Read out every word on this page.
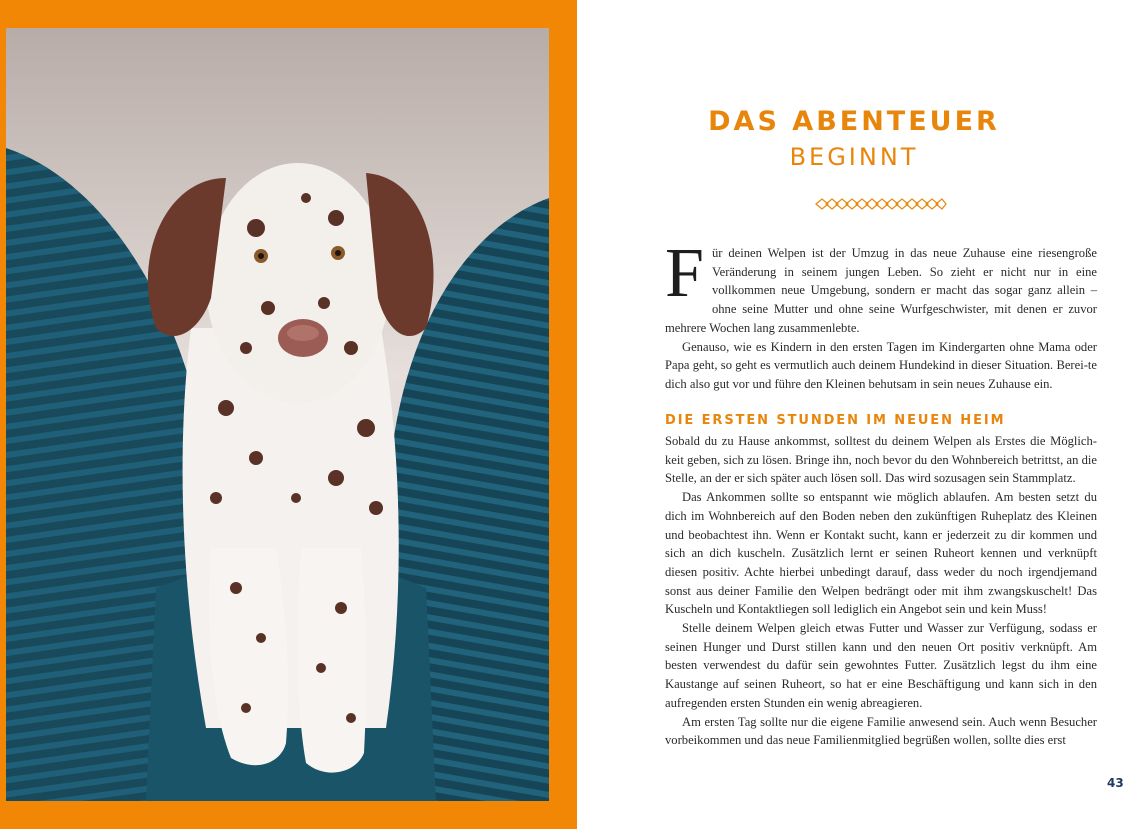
DAS ABENTEUER
BEGINNT

Für deinen Welpen ist der Umzug in das neue Zuhause eine riesengroße Veränderung in seinem jungen Leben. So zieht er nicht nur in eine vollkommen neue Umgebung, sondern er macht das sogar ganz allein – ohne seine Mutter und ohne seine Wurfgeschwister, mit denen er zuvor mehrere Wochen lang zusammenlebte.

Genauso, wie es Kindern in den ersten Tagen im Kindergarten ohne Mama oder Papa geht, so geht es vermutlich auch deinem Hundekind in dieser Situation. Berei-te dich also gut vor und führe den Kleinen behutsam in sein neues Zuhause ein.

DIE ERSTEN STUNDEN IM NEUEN HEIM

Sobald du zu Hause ankommst, solltest du deinem Welpen als Erstes die Möglich-keit geben, sich zu lösen. Bringe ihn, noch bevor du den Wohnbereich betrittst, an die Stelle, an der er sich später auch lösen soll. Das wird sozusagen sein Stammplatz.

Das Ankommen sollte so entspannt wie möglich ablaufen. Am besten setzt du dich im Wohnbereich auf den Boden neben den zukünftigen Ruheplatz des Kleinen und beobachtest ihn. Wenn er Kontakt sucht, kann er jederzeit zu dir kommen und sich an dich kuscheln. Zusätzlich lernt er seinen Ruheort kennen und verknüpft diesen positiv. Achte hierbei unbedingt darauf, dass weder du noch irgendjemand sonst aus deiner Familie den Welpen bedrängt oder mit ihm zwangskuschelt! Das Kuscheln und Kontaktliegen soll lediglich ein Angebot sein und kein Muss!

Stelle deinem Welpen gleich etwas Futter und Wasser zur Verfügung, sodass er seinen Hunger und Durst stillen kann und den neuen Ort positiv verknüpft. Am besten verwendest du dafür sein gewohntes Futter. Zusätzlich legst du ihm eine Kaustange auf seinen Ruheort, so hat er eine Beschäftigung und kann sich in den aufregenden ersten Stunden ein wenig abreagieren.

Am ersten Tag sollte nur die eigene Familie anwesend sein. Auch wenn Besucher vorbeikommen und das neue Familienmitglied begrüßen wollen, sollte dies erst

43
